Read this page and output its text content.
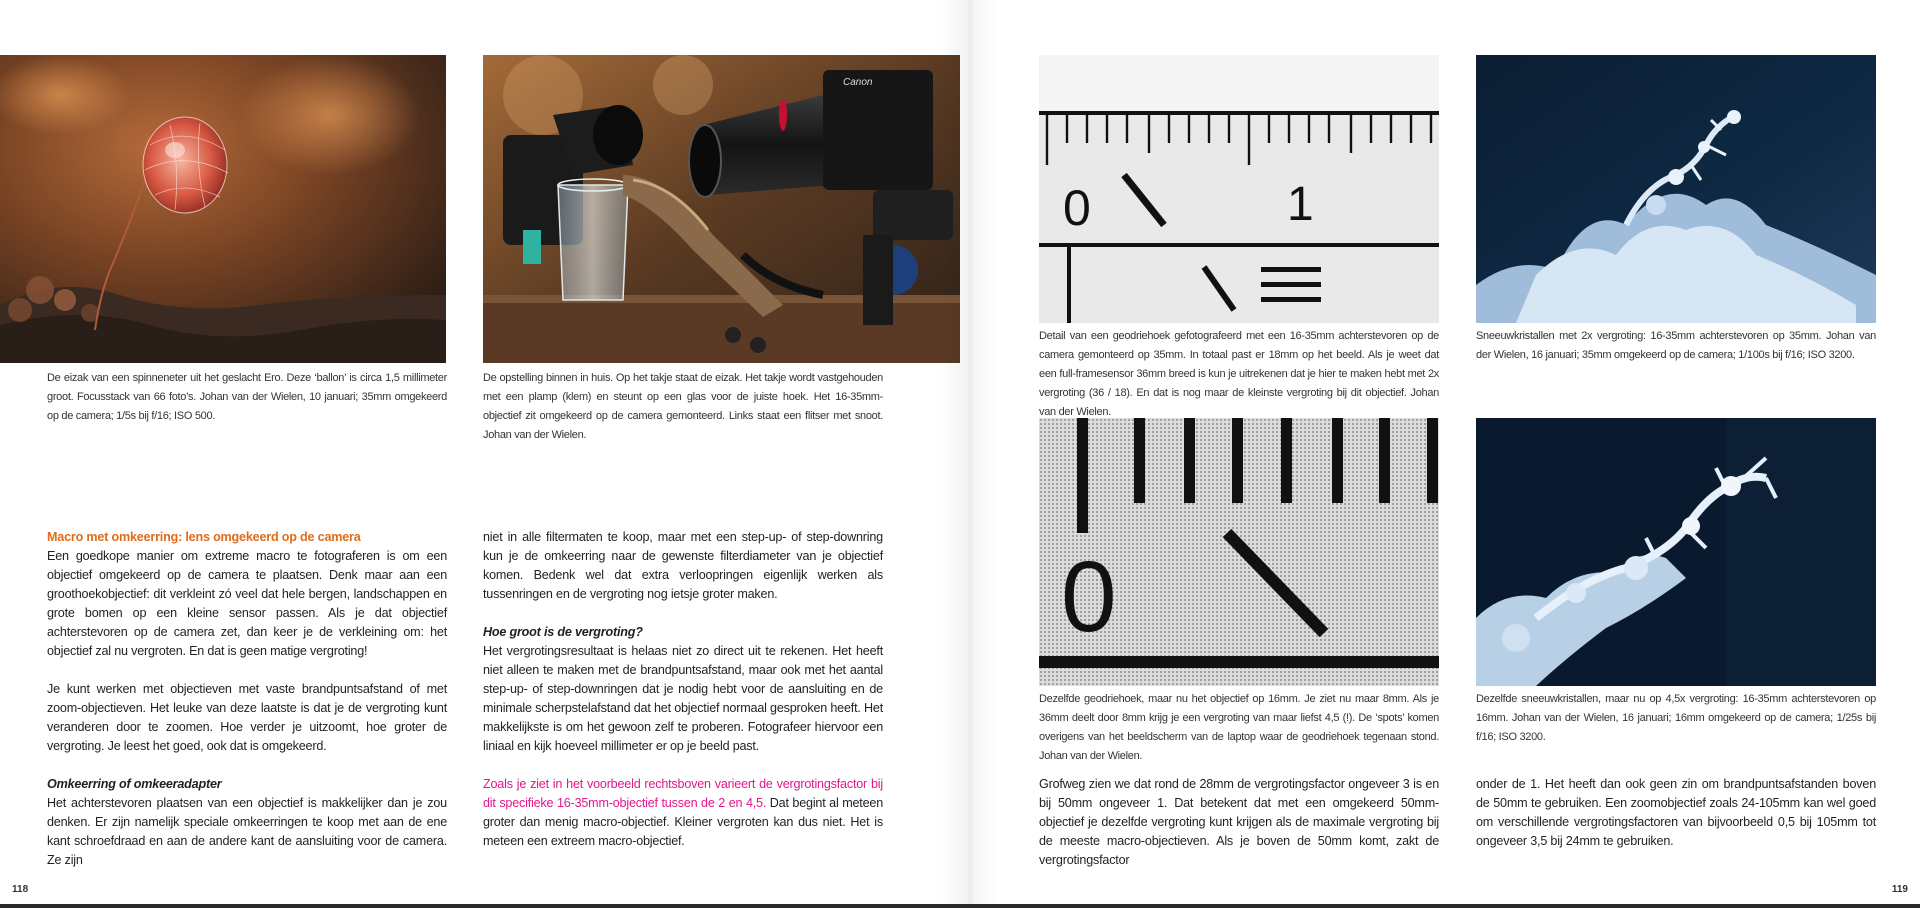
Canon

De eizak van een spinneneter uit het geslacht Ero. Deze ‘ballon’ is circa 1,5 millimeter groot. Focusstack van 66 foto’s. Johan van der Wielen, 10 januari; 35mm omgekeerd op de camera; 1/5s bij f/16; ISO 500.

De opstelling binnen in huis. Op het takje staat de eizak. Het takje wordt vastgehouden met een plamp (klem) en steunt op een glas voor de juiste hoek. Het 16-35mm-objectief zit omgekeerd op de camera gemonteerd. Links staat een flitser met snoot. Johan van der Wielen.

Macro met omkeerring: lens omgekeerd op de camera

Een goedkope manier om extreme macro te fotograferen is om een objectief omgekeerd op de camera te plaatsen. Denk maar aan een groothoekobjectief: dit verkleint zó veel dat hele bergen, landschappen en grote bomen op een kleine sensor passen. Als je dat objectief achterstevoren op de camera zet, dan keer je de verkleining om: het objectief zal nu vergroten. En dat is geen matige vergroting!

Je kunt werken met objectieven met vaste brandpuntsafstand of met zoom-objectieven. Het leuke van deze laatste is dat je de vergroting kunt veranderen door te zoomen. Hoe verder je uitzoomt, hoe groter de vergroting. Je leest het goed, ook dat is omgekeerd.

Omkeerring of omkeeradapter

Het achterstevoren plaatsen van een objectief is makkelijker dan je zou denken. Er zijn namelijk speciale omkeerringen te koop met aan de ene kant schroefdraad en aan de andere kant de aansluiting voor de camera. Ze zijn

niet in alle filtermaten te koop, maar met een step-up- of step-downring kun je de omkeerring naar de gewenste filterdiameter van je objectief komen. Bedenk wel dat extra verloopringen eigenlijk werken als tussenringen en de vergroting nog ietsje groter maken.

Hoe groot is de vergroting?

Het vergrotingsresultaat is helaas niet zo direct uit te rekenen. Het heeft niet alleen te maken met de brandpuntsafstand, maar ook met het aantal step-up- of step-downringen dat je nodig hebt voor de aansluiting en de minimale scherpstelafstand dat het objectief normaal gesproken heeft. Het makkelijkste is om het gewoon zelf te proberen. Fotografeer hiervoor een liniaal en kijk hoeveel millimeter er op je beeld past.

Zoals je ziet in het voorbeeld rechtsboven varieert de vergrotingsfactor bij dit specifieke 16-35mm-objectief tussen de 2 en 4,5. Dat begint al meteen groter dan menig macro-objectief. Kleiner vergroten kan dus niet. Het is meteen een extreem macro-objectief.

118
0	1

Detail van een geodriehoek gefotografeerd met een 16-35mm achterstevoren op de camera gemonteerd op 35mm. In totaal past er 18mm op het beeld. Als je weet dat een full-framesensor 36mm breed is kun je uitrekenen dat je hier te maken hebt met 2x vergroting (36 / 18). En dat is nog maar de kleinste vergroting bij dit objectief. Johan van der Wielen.

Sneeuwkristallen met 2x vergroting: 16-35mm achterstevoren op 35mm. Johan van der Wielen, 16 januari; 35mm omgekeerd op de camera; 1/100s bij f/16; ISO 3200.

0

Dezelfde geodriehoek, maar nu het objectief op 16mm. Je ziet nu maar 8mm. Als je 36mm deelt door 8mm krijg je een vergroting van maar liefst 4,5 (!). De ‘spots’ komen overigens van het beeldscherm van de laptop waar de geodriehoek tegenaan stond. Johan van der Wielen.

Dezelfde sneeuwkristallen, maar nu op 4,5x vergroting: 16-35mm achterstevoren op 16mm. Johan van der Wielen, 16 januari; 16mm omgekeerd op de camera; 1/25s bij f/16; ISO 3200.

Grofweg zien we dat rond de 28mm de vergrotingsfactor ongeveer 3 is en bij 50mm ongeveer 1. Dat betekent dat met een omgekeerd 50mm-objectief je dezelfde vergroting kunt krijgen als de maximale vergroting bij de meeste macro-objectieven. Als je boven de 50mm komt, zakt de vergrotingsfactor

onder de 1. Het heeft dan ook geen zin om brandpuntsafstanden boven de 50mm te gebruiken. Een zoomobjectief zoals 24-105mm kan wel goed om verschillende vergrotingsfactoren van bijvoorbeeld 0,5 bij 105mm tot ongeveer 3,5 bij 24mm te gebruiken.

119
